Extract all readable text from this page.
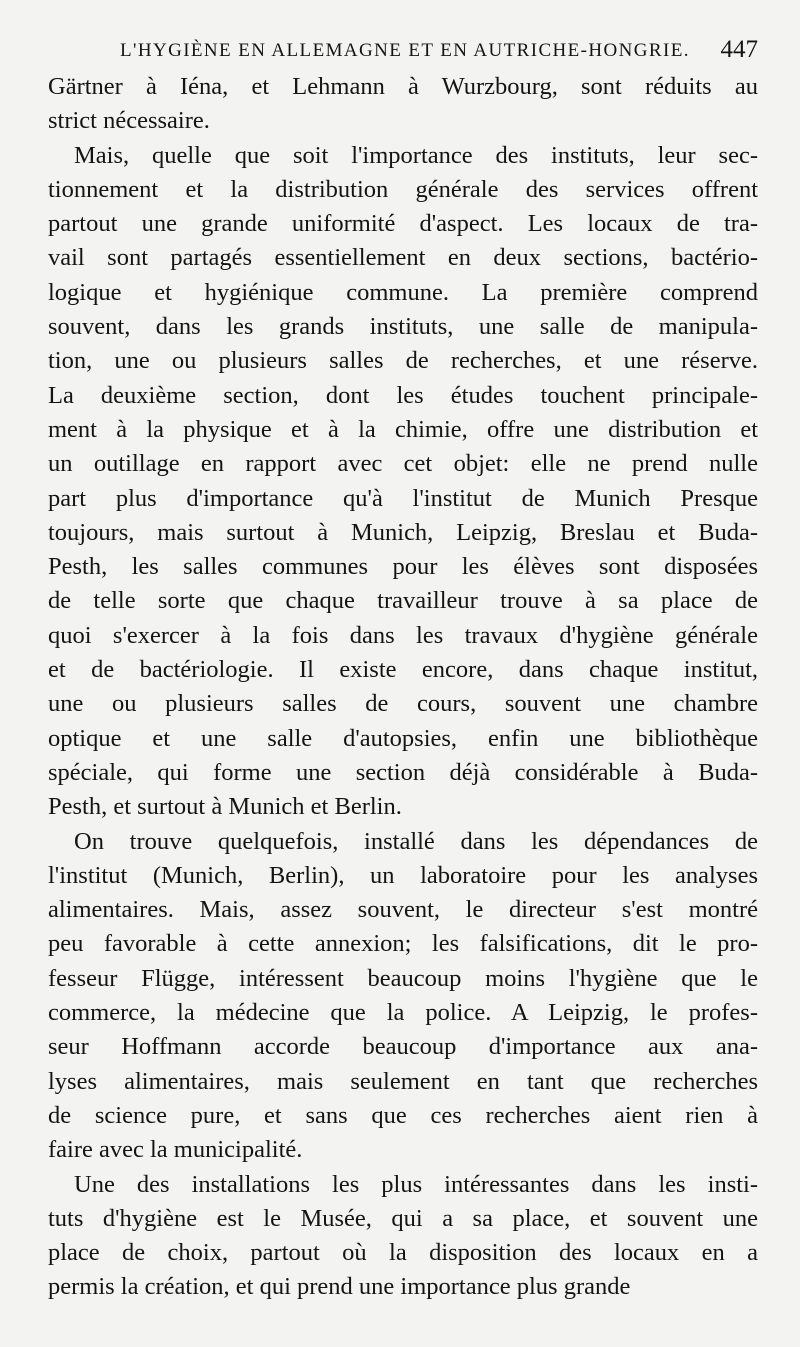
L'HYGIÈNE EN ALLEMAGNE ET EN AUTRICHE-HONGRIE. 447
Gärtner à Iéna, et Lehmann à Wurzbourg, sont réduits au
strict nécessaire.
Mais, quelle que soit l'importance des instituts, leur sec-
tionnement et la distribution générale des services offrent
partout une grande uniformité d'aspect. Les locaux de tra-
vail sont partagés essentiellement en deux sections, bactério-
logique et hygiénique commune. La première comprend
souvent, dans les grands instituts, une salle de manipula-
tion, une ou plusieurs salles de recherches, et une réserve.
La deuxième section, dont les études touchent principale-
ment à la physique et à la chimie, offre une distribution et
un outillage en rapport avec cet objet: elle ne prend nulle
part plus d'importance qu'à l'institut de Munich Presque
toujours, mais surtout à Munich, Leipzig, Breslau et Buda-
Pesth, les salles communes pour les élèves sont disposées
de telle sorte que chaque travailleur trouve à sa place de
quoi s'exercer à la fois dans les travaux d'hygiène générale
et de bactériologie. Il existe encore, dans chaque institut,
une ou plusieurs salles de cours, souvent une chambre
optique et une salle d'autopsies, enfin une bibliothèque
spéciale, qui forme une section déjà considérable à Buda-
Pesth, et surtout à Munich et Berlin.
On trouve quelquefois, installé dans les dépendances de
l'institut (Munich, Berlin), un laboratoire pour les analyses
alimentaires. Mais, assez souvent, le directeur s'est montré
peu favorable à cette annexion; les falsifications, dit le pro-
fesseur Flügge, intéressent beaucoup moins l'hygiène que le
commerce, la médecine que la police. A Leipzig, le profes-
seur Hoffmann accorde beaucoup d'importance aux ana-
lyses alimentaires, mais seulement en tant que recherches
de science pure, et sans que ces recherches aient rien à
faire avec la municipalité.
Une des installations les plus intéressantes dans les insti-
tuts d'hygiène est le Musée, qui a sa place, et souvent une
place de choix, partout où la disposition des locaux en a
permis la création, et qui prend une importance plus grande
